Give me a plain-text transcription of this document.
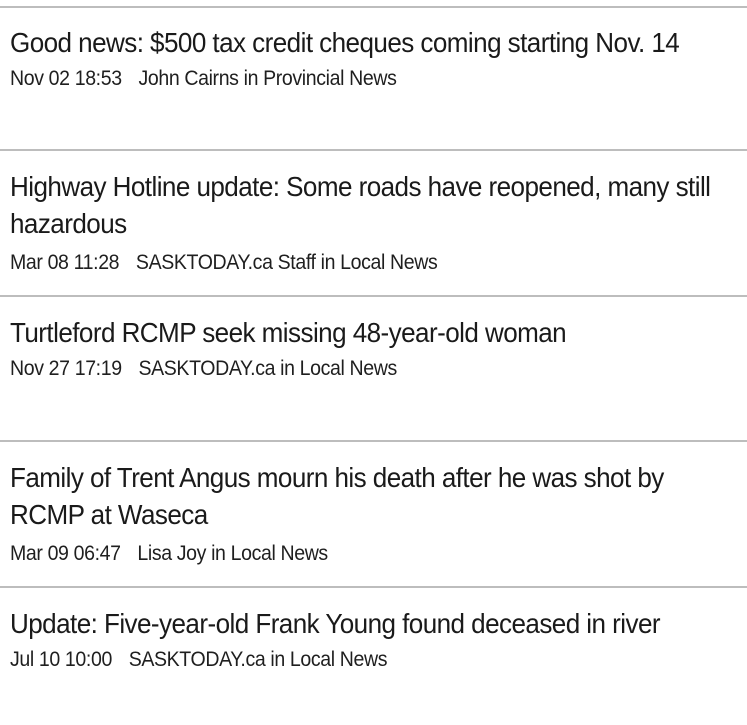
Good news: $500 tax credit cheques coming starting Nov. 14

Nov 02 18:53 John Cairns in Provincial News

Highway Hotline update: Some roads have reopened, many still hazardous

Mar 08 11:28 SASKTODAY.ca Staff in Local News

Turtleford RCMP seek missing 48-year-old woman

Nov 27 17:19 SASKTODAY.ca in Local News

Family of Trent Angus mourn his death after he was shot by RCMP at Waseca

Mar 09 06:47 Lisa Joy in Local News

Update: Five-year-old Frank Young found deceased in river

Jul 10 10:00 SASKTODAY.ca in Local News
